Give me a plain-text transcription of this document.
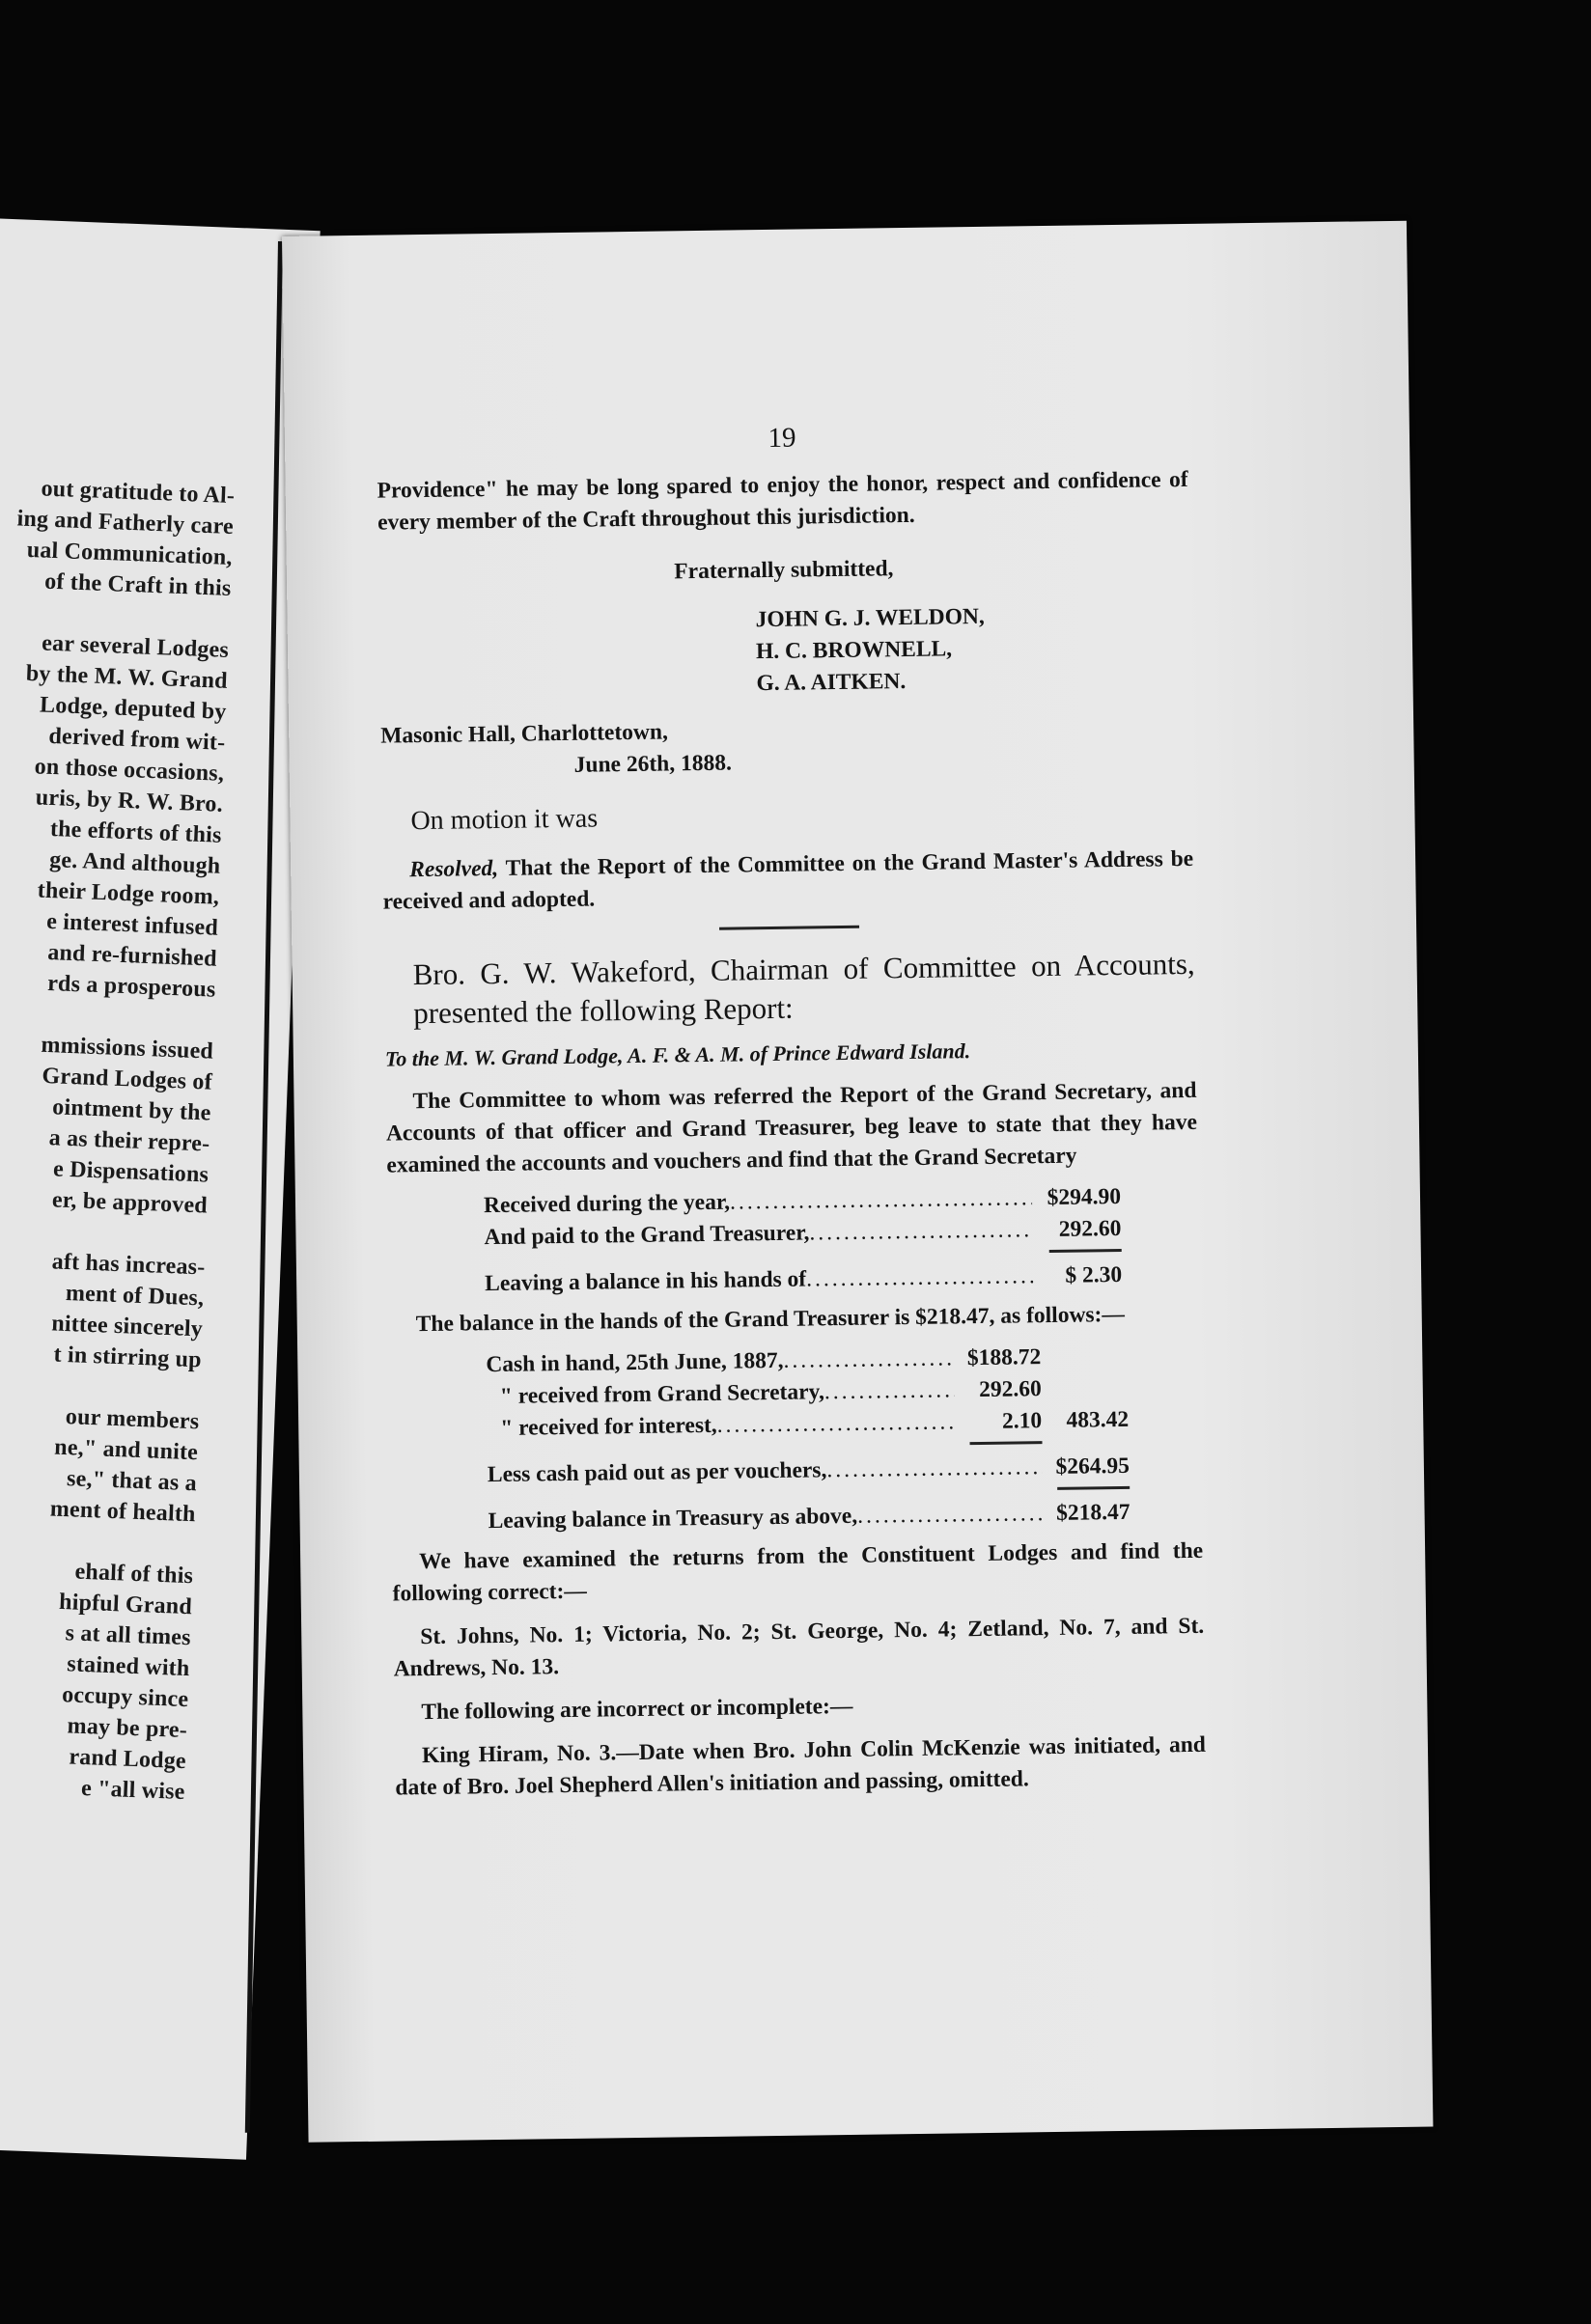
out gratitude to Al-
ing and Fatherly care
ual Communication,
of the Craft in this
ear several Lodges
by the M. W. Grand
Lodge, deputed by
derived from wit-
on those occasions,
uris, by R. W. Bro.
the efforts of this
ge. And although
their Lodge room,
e interest infused
and re-furnished
rds a prosperous
mmissions issued
Grand Lodges of
ointment by the
a as their repre-
e Dispensations
er, be approved
aft has increas-
ment of Dues,
nittee sincerely
t in stirring up
our members
ne," and unite
se," that as a
ment of health
ehalf of this
hipful Grand
s at all times
stained with
occupy since
may be pre-
rand Lodge
e "all wise
19

Providence" he may be long spared to enjoy the honor, respect and confidence of every member of the Craft throughout this jurisdiction.

Fraternally submitted,
JOHN G. J. WELDON,
H. C. BROWNELL,
G. A. AITKEN.
Masonic Hall, Charlottetown,
June 26th, 1888.
On motion it was

Resolved, That the Report of the Committee on the Grand Master's Address be received and adopted.

Bro. G. W. Wakeford, Chairman of Committee on Accounts, presented the following Report:

To the M. W. Grand Lodge, A. F. & A. M. of Prince Edward Island.

The Committee to whom was referred the Report of the Grand Secretary, and Accounts of that officer and Grand Treasurer, beg leave to state that they have examined the accounts and vouchers and find that the Grand Secretary

Received during the year, .....	$294.90
And paid to the Grand Treasurer, .....	292.60
Leaving a balance in his hands of .....	$ 2.30

The balance in the hands of the Grand Treasurer is $218.47, as follows:—

Cash in hand, 25th June, 1887, .....	$188.72
" received from Grand Secretary, .....	292.60
" received for interest, .....	2.10	483.42
Less cash paid out as per vouchers, .....	$264.95
Leaving balance in Treasury as above, .....	$218.47

We have examined the returns from the Constituent Lodges and find the following correct:—

St. Johns, No. 1; Victoria, No. 2; St. George, No. 4; Zetland, No. 7, and St. Andrews, No. 13.

The following are incorrect or incomplete:—

King Hiram, No. 3.—Date when Bro. John Colin McKenzie was initiated, and date of Bro. Joel Shepherd Allen's initiation and passing, omitted.
